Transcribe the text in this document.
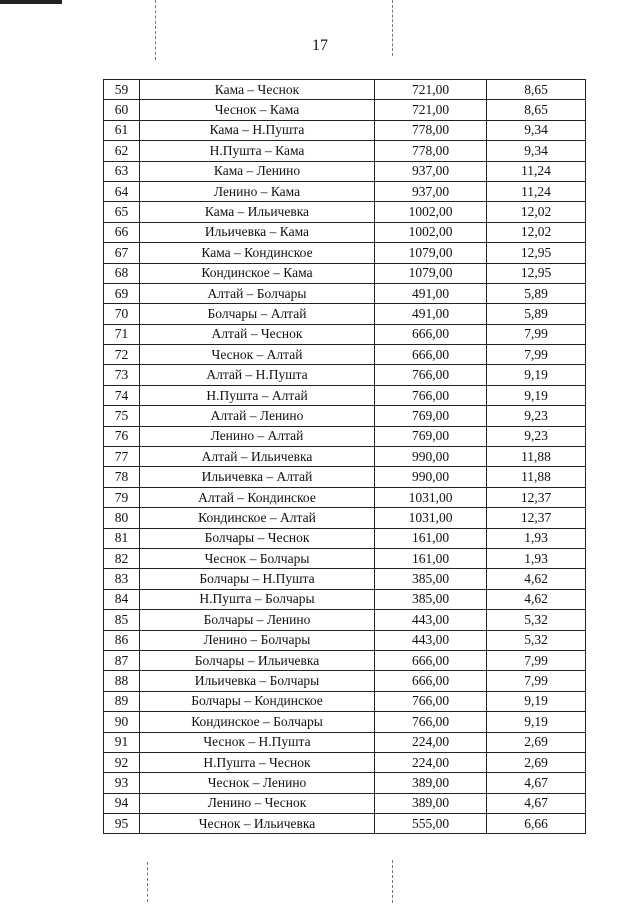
17
59	Кама – Чеснок	721,00	8,65
60	Чеснок – Кама	721,00	8,65
61	Кама – Н.Пушта	778,00	9,34
62	Н.Пушта – Кама	778,00	9,34
63	Кама – Ленино	937,00	11,24
64	Ленино – Кама	937,00	11,24
65	Кама – Ильичевка	1002,00	12,02
66	Ильичевка – Кама	1002,00	12,02
67	Кама – Кондинское	1079,00	12,95
68	Кондинское – Кама	1079,00	12,95
69	Алтай – Болчары	491,00	5,89
70	Болчары – Алтай	491,00	5,89
71	Алтай – Чеснок	666,00	7,99
72	Чеснок – Алтай	666,00	7,99
73	Алтай – Н.Пушта	766,00	9,19
74	Н.Пушта – Алтай	766,00	9,19
75	Алтай – Ленино	769,00	9,23
76	Ленино – Алтай	769,00	9,23
77	Алтай – Ильичевка	990,00	11,88
78	Ильичевка – Алтай	990,00	11,88
79	Алтай – Кондинское	1031,00	12,37
80	Кондинское – Алтай	1031,00	12,37
81	Болчары – Чеснок	161,00	1,93
82	Чеснок – Болчары	161,00	1,93
83	Болчары – Н.Пушта	385,00	4,62
84	Н.Пушта – Болчары	385,00	4,62
85	Болчары – Ленино	443,00	5,32
86	Ленино – Болчары	443,00	5,32
87	Болчары – Ильичевка	666,00	7,99
88	Ильичевка – Болчары	666,00	7,99
89	Болчары – Кондинское	766,00	9,19
90	Кондинское – Болчары	766,00	9,19
91	Чеснок – Н.Пушта	224,00	2,69
92	Н.Пушта – Чеснок	224,00	2,69
93	Чеснок – Ленино	389,00	4,67
94	Ленино – Чеснок	389,00	4,67
95	Чеснок – Ильичевка	555,00	6,66
